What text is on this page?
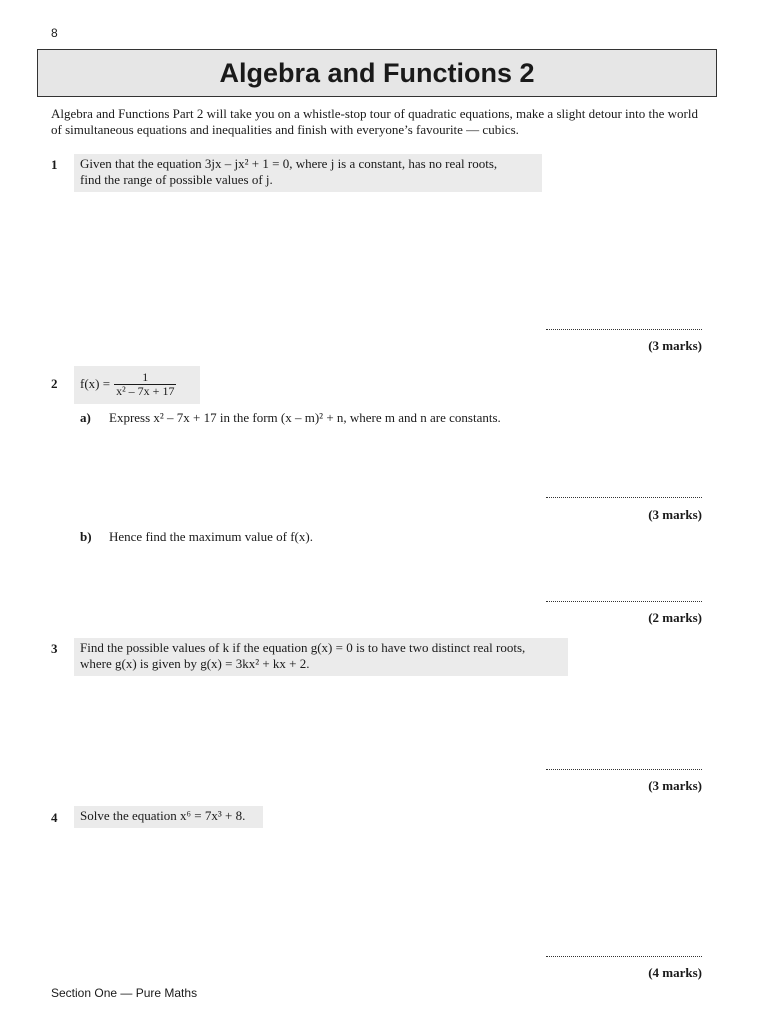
8
Algebra and Functions 2
Algebra and Functions Part 2 will take you on a whistle-stop tour of quadratic equations, make a slight detour into the world of simultaneous equations and inequalities and finish with everyone’s favourite — cubics.
1 Given that the equation 3jx – jx² + 1 = 0, where j is a constant, has no real roots,
find the range of possible values of j.
(3 marks)
2 $f(x) = \frac{1}{\text{x² – 7x + 17}}$
a) Express x² – 7x + 17 in the form (x – m)² + n, where m and n are constants.
(3 marks)
b) Hence find the maximum value of f(x).
(2 marks)
3 Find the possible values of k if the equation g(x) = 0 is to have two distinct real roots,
where g(x) is given by g(x) = 3kx² + kx + 2.
(3 marks)
4 Solve the equation x⁶ = 7x³ + 8.
(4 marks)
Section One — Pure Maths
